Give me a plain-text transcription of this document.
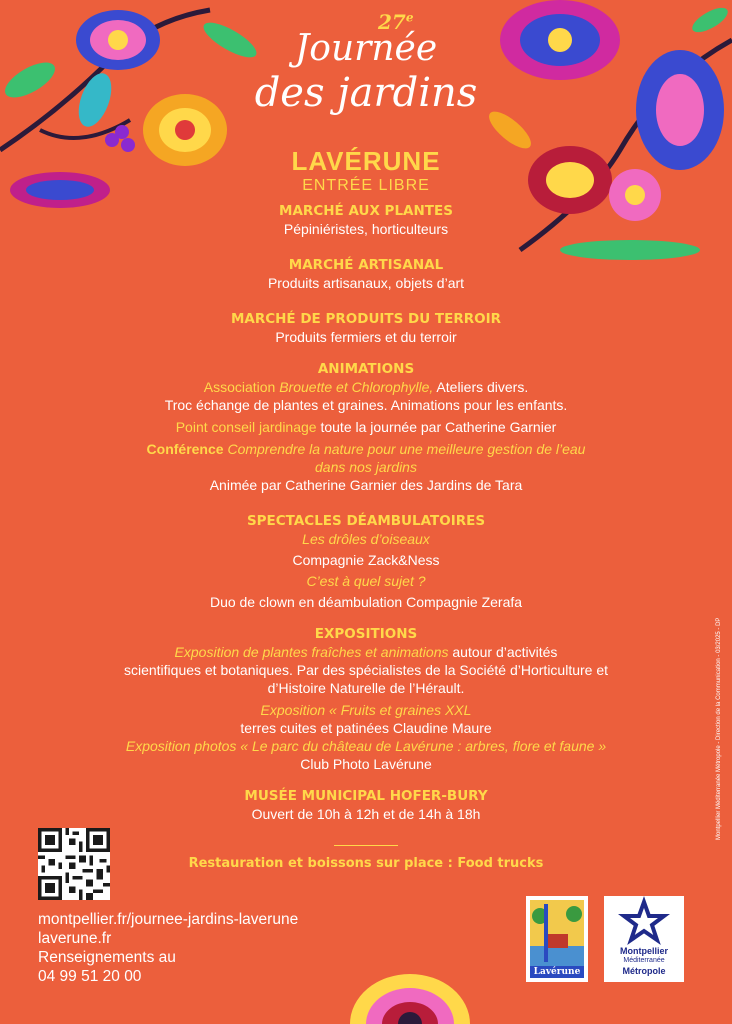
27e
Journée
des jardins
LAVÉRUNE
ENTRÉE LIBRE
MARCHÉ AUX PLANTES
Pépiniéristes, horticulteurs
MARCHÉ ARTISANAL
Produits artisanaux, objets d’art
MARCHÉ DE PRODUITS DU TERROIR
Produits fermiers et du terroir
ANIMATIONS
Association Brouette et Chlorophylle, Ateliers divers.
Troc échange de plantes et graines. Animations pour les enfants.
Point conseil jardinage toute la journée par Catherine Garnier
Conférence Comprendre la nature pour une meilleure gestion de l’eau
dans nos jardins
Animée par Catherine Garnier des Jardins de Tara
SPECTACLES DÉAMBULATOIRES
Les drôles d’oiseaux
Compagnie Zack&Ness
C’est à quel sujet ?
Duo de clown en déambulation Compagnie Zerafa
EXPOSITIONS
Exposition de plantes fraîches et animations autour d’activités
scientifiques et botaniques. Par des spécialistes de la Société d’Horticulture et
d’Histoire Naturelle de l’Hérault.
Exposition « Fruits et graines XXL
terres cuites et patinées Claudine Maure
Exposition photos « Le parc du château de Lavérune : arbres, flore et faune »
Club Photo Lavérune
MUSÉE MUNICIPAL HOFER-BURY
Ouvert de 10h à 12h et de 14h à 18h
Restauration et boissons sur place : Food trucks
montpellier.fr/journee-jardins-laverune
laverune.fr
Renseignements au
04 99 51 20 00
Montpellier Méditerranée Métropole - Direction de la Communication - 03/2025 - DP
Lavérune
Montpellier
Méditerranée
Métropole
